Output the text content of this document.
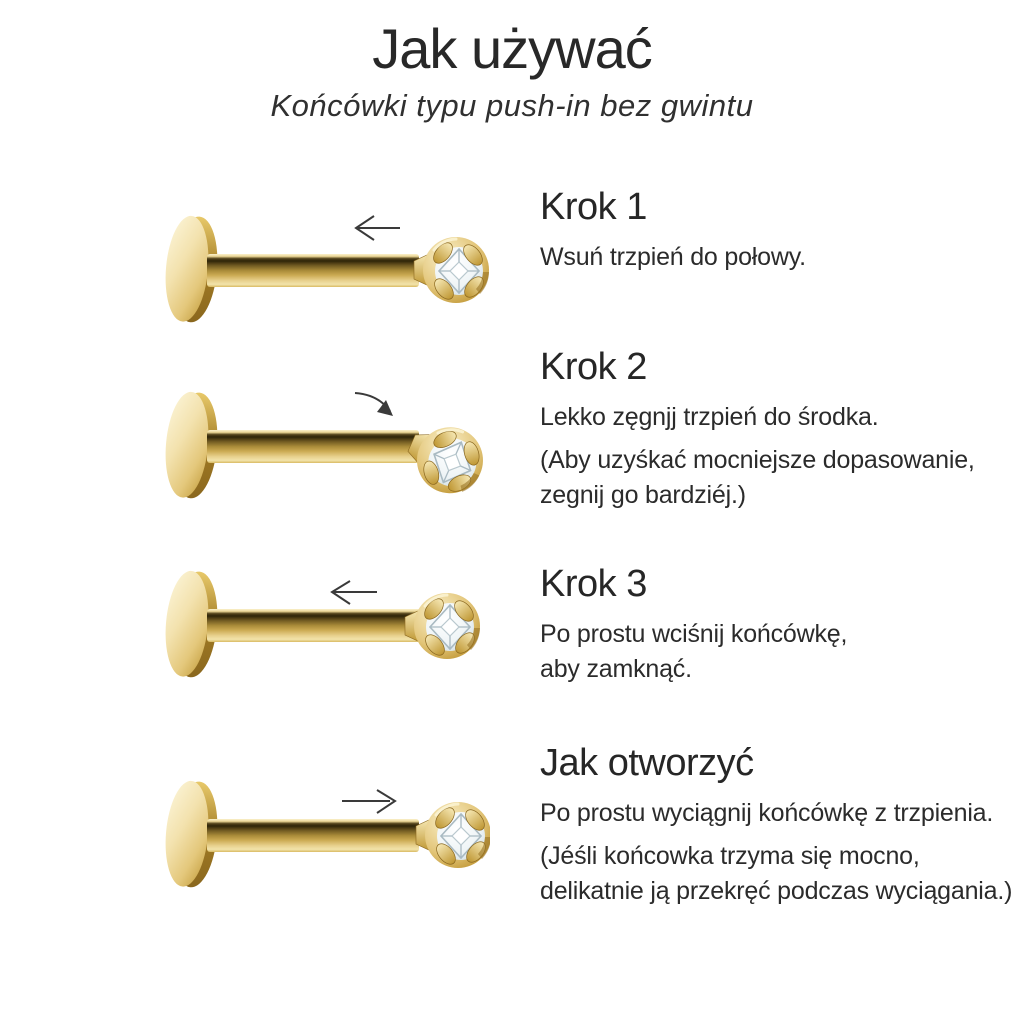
Jak używać
Końcówki typu push-in bez gwintu
Krok 1
Wsuń trzpień do połowy.
Krok 2
Lekko zęgnjj trzpień do środka.
(Aby uzyśkać mocniejsze dopasowanie,
zegnij go bardziéj.)
Krok 3
Po prostu wciśnij końcówkę,
aby zamknąć.
Jak otworzyć
Po prostu wyciągnij końcówkę z trzpienia.
(Jéśli końcowka trzyma się mocno,
delikatnie ją przekręć podczas wyciągania.)
